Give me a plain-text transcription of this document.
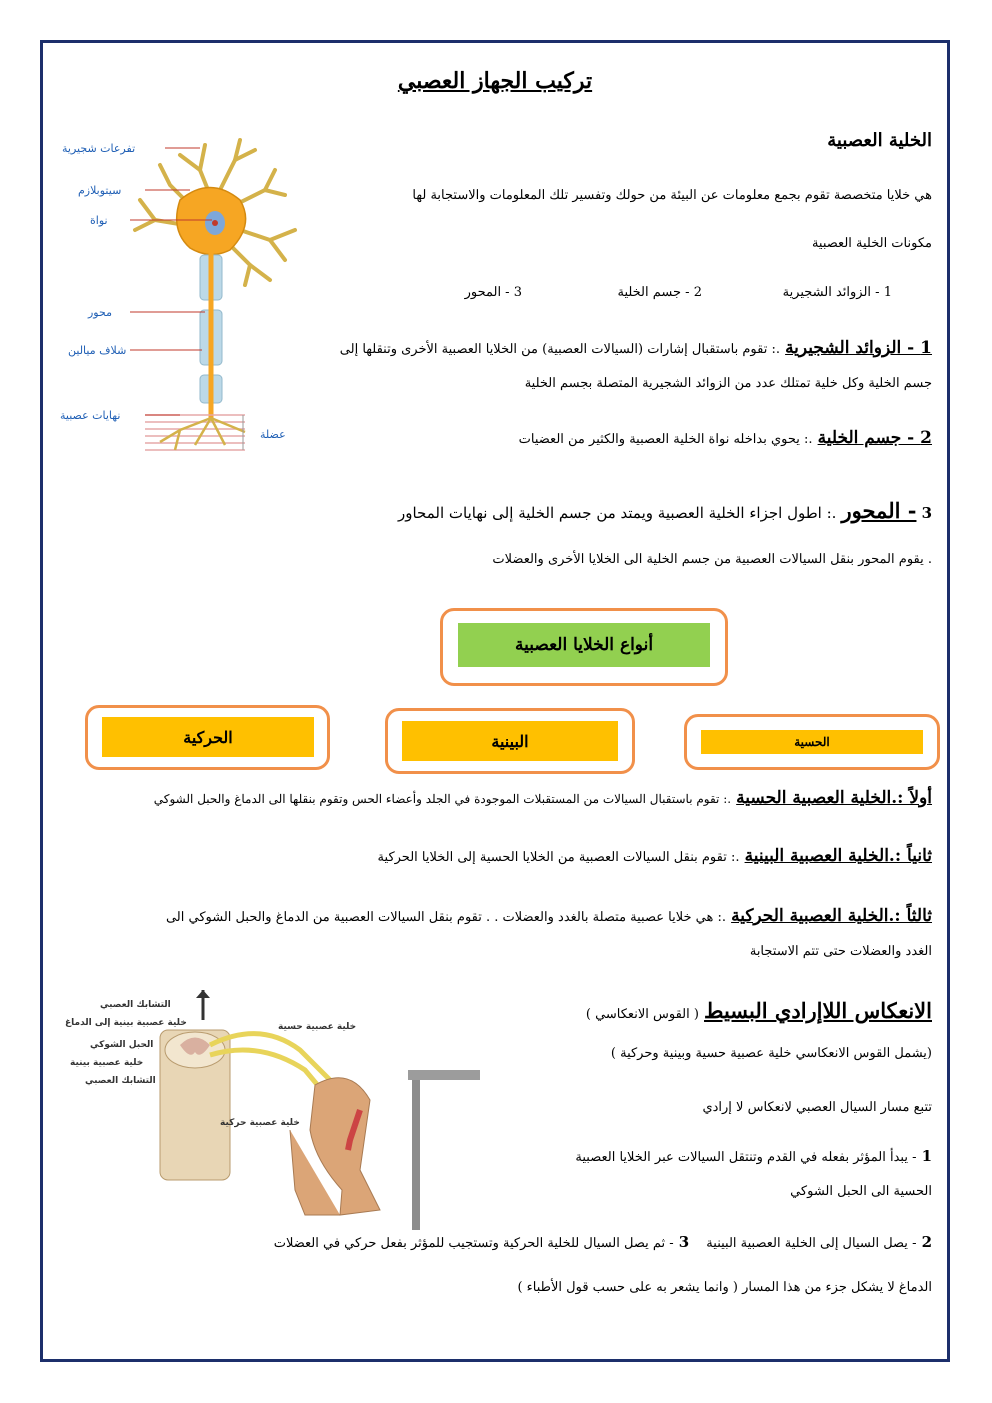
تركيب الجهاز العصبي
تفرعات شجيرية
سيتوبلازم
نواة
محور
شلاف ميالين
نهايات عصبية
عضلة
الخلية العصبية
هي خلايا متخصصة تقوم بجمع معلومات عن البيئة من حولك وتفسير تلك المعلومات والاستجابة لها
مكونات الخلية العصبية
1 - الزوائد الشجيرية
2 - جسم الخلية
3 - المحور
1 - الزوائد الشجيرية .: تقوم باستقبال إشارات (السيالات العصبية) من الخلايا العصبية الأخرى وتنقلها إلى
جسم الخلية وكل خلية تمتلك عدد من الزوائد الشجيرية المتصلة بجسم الخلية
2 - جسم الخلية .: يحوي بداخله نواة الخلية العصبية والكثير من العضيات
3 - المحور .: اطول اجزاء الخلية العصبية ويمتد من جسم الخلية إلى نهايات المحاور
. يقوم المحور بنقل السيالات العصبية من جسم الخلية الى الخلايا الأخرى والعضلات
أنواع الخلايا العصبية
الحركية	البينية	الحسية
أولاً :.الخلية العصبية الحسية .: تقوم باستقبال السيالات من المستقبلات الموجودة في الجلد وأعضاء الحس وتقوم بنقلها الى الدماغ والحبل الشوكي
ثانياً :.الخلية العصبية البينية .: تقوم بنقل السيالات العصبية من الخلايا الحسية إلى الخلايا الحركية
ثالثاً :.الخلية العصبية الحركية .: هي خلايا عصبية متصلة بالغدد والعضلات . . تقوم بنقل السيالات العصبية من الدماغ والحبل الشوكي الى
الغدد والعضلات حتى تتم الاستجابة
التشابك العصبي
خلية عصبية بينية إلى الدماغ
الحبل الشوكي
خلية عصبية بينية
التشابك العصبي
خلية عصبية حسية
خلية عصبية حركية
الانعكاس اللاإرادي البسيط ( القوس الانعكاسي )
(يشمل القوس الانعكاسي خلية عصبية حسية وبينية وحركية )
تتبع مسار السيال العصبي لانعكاس لا إرادي
1 - يبدأ المؤثر بفعله في القدم وتنتقل السيالات عبر الخلايا العصبية
الحسية الى الحبل الشوكي
2 - يصل السيال إلى الخلية العصبية البينية 3 - ثم يصل السيال للخلية الحركية وتستجيب للمؤثر بفعل حركي في العضلات
الدماغ لا يشكل جزء من هذا المسار ( وانما يشعر به على حسب قول الأطباء )
